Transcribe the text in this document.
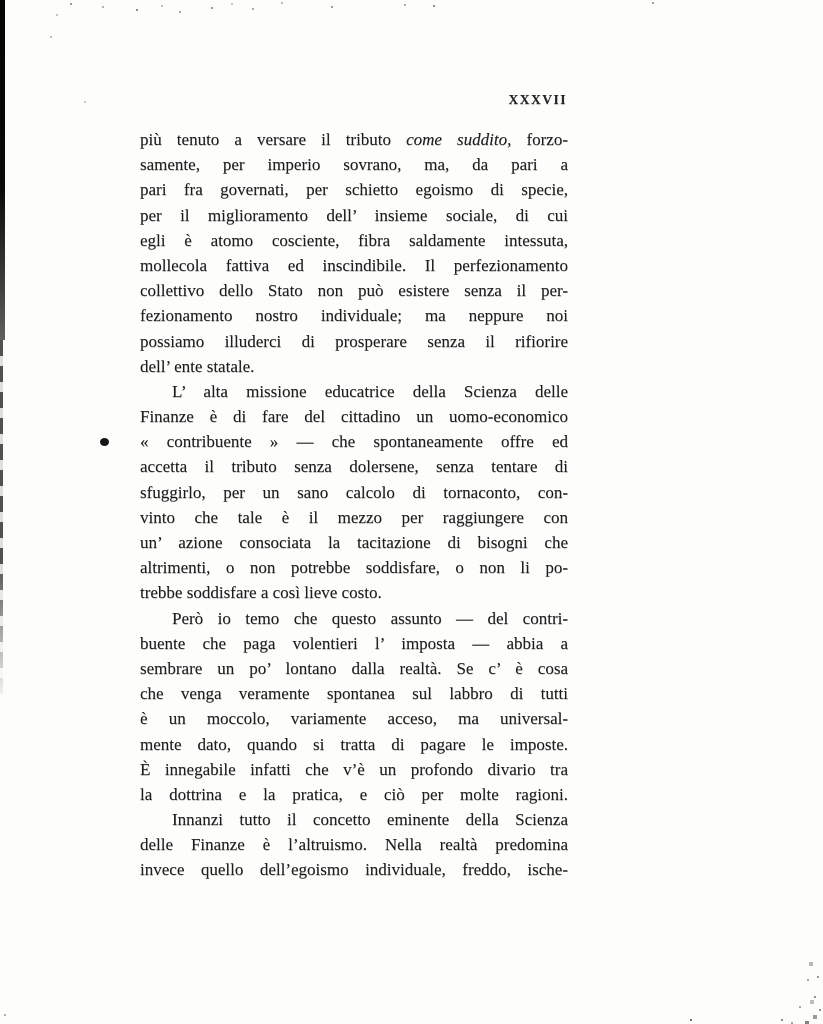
XXXVII
più tenuto a versare il tributo come suddito, forzo-
samente, per imperio sovrano, ma, da pari a
pari fra governati, per schietto egoismo di specie,
per il miglioramento dell’ insieme sociale, di cui
egli è atomo cosciente, fibra saldamente intessuta,
mollecola fattiva ed inscindibile. Il perfezionamento
collettivo dello Stato non può esistere senza il per-
fezionamento nostro individuale; ma neppure noi
possiamo illuderci di prosperare senza il rifiorire
dell’ ente statale.
L’ alta missione educatrice della Scienza delle
Finanze è di fare del cittadino un uomo-economico
« contribuente » — che spontaneamente offre ed
accetta il tributo senza dolersene, senza tentare di
sfuggirlo, per un sano calcolo di tornaconto, con-
vinto che tale è il mezzo per raggiungere con
un’ azione consociata la tacitazione di bisogni che
altrimenti, o non potrebbe soddisfare, o non li po-
trebbe soddisfare a così lieve costo.
Però io temo che questo assunto — del contri-
buente che paga volentieri l’ imposta — abbia a
sembrare un po’ lontano dalla realtà. Se c’ è cosa
che venga veramente spontanea sul labbro di tutti
è un moccolo, variamente acceso, ma universal-
mente dato, quando si tratta di pagare le imposte.
È innegabile infatti che v’è un profondo divario tra
la dottrina e la pratica, e ciò per molte ragioni.
Innanzi tutto il concetto eminente della Scienza
delle Finanze è l’altruismo. Nella realtà predomina
invece quello dell’egoismo individuale, freddo, ische-
